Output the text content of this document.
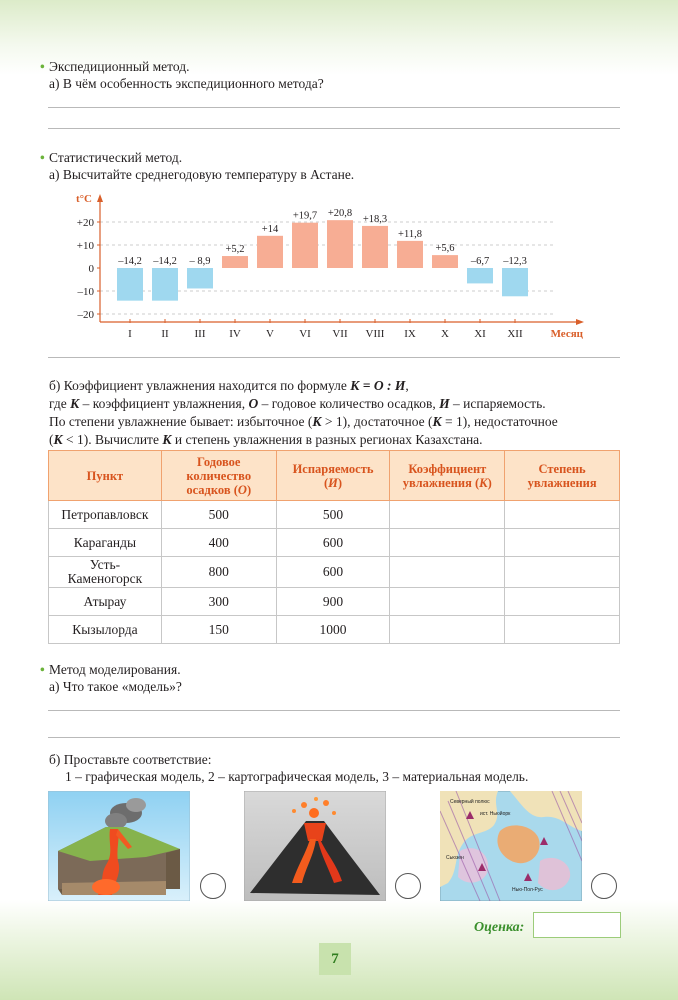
• Экспедиционный метод.
а) В чём особенность экспедиционного метода?
• Статистический метод.
а) Высчитайте среднегодовую температуру в Астане.
+20
+10
0
–10
–20
–14,2
I
–14,2
II
– 8,9
III
+5,2
IV
+14
V
+19,7
VI
+20,8
VII
+18,3
VIII
+11,8
IX
+5,6
X
–6,7
XI
–12,3
XII
t°C
Месяц
б) Коэффициент увлажнения находится по формуле К = О : И,
где К – коэффициент увлажнения, О – годовое количество осадков, И – испаряемость.
По степени увлажнение бывает: избыточное (К > 1), достаточное (К = 1), недостаточное
(К < 1). Вычислите К и степень увлажнения в разных регионах Казахстана.
Пункт	Годовое
количество
осадков (О)	Испаряемость
(И)	Коэффициент
увлажнения (К)	Степень
увлажнения
Петропавловск	500	500		
Караганды	400	600		
Усть-
Каменогорск	800	600		
Атырау	300	900		
Кызылорда	150	1000		
• Метод моделирования.
а) Что такое «модель»?
б) Проставьте соответствие:
1 – графическая модель, 2 – картографическая модель, 3 – материальная модель.
Северный полюс
ист. Ньюйорк
Сьюзен
Нью-Пол-Рус
Оценка:
7
